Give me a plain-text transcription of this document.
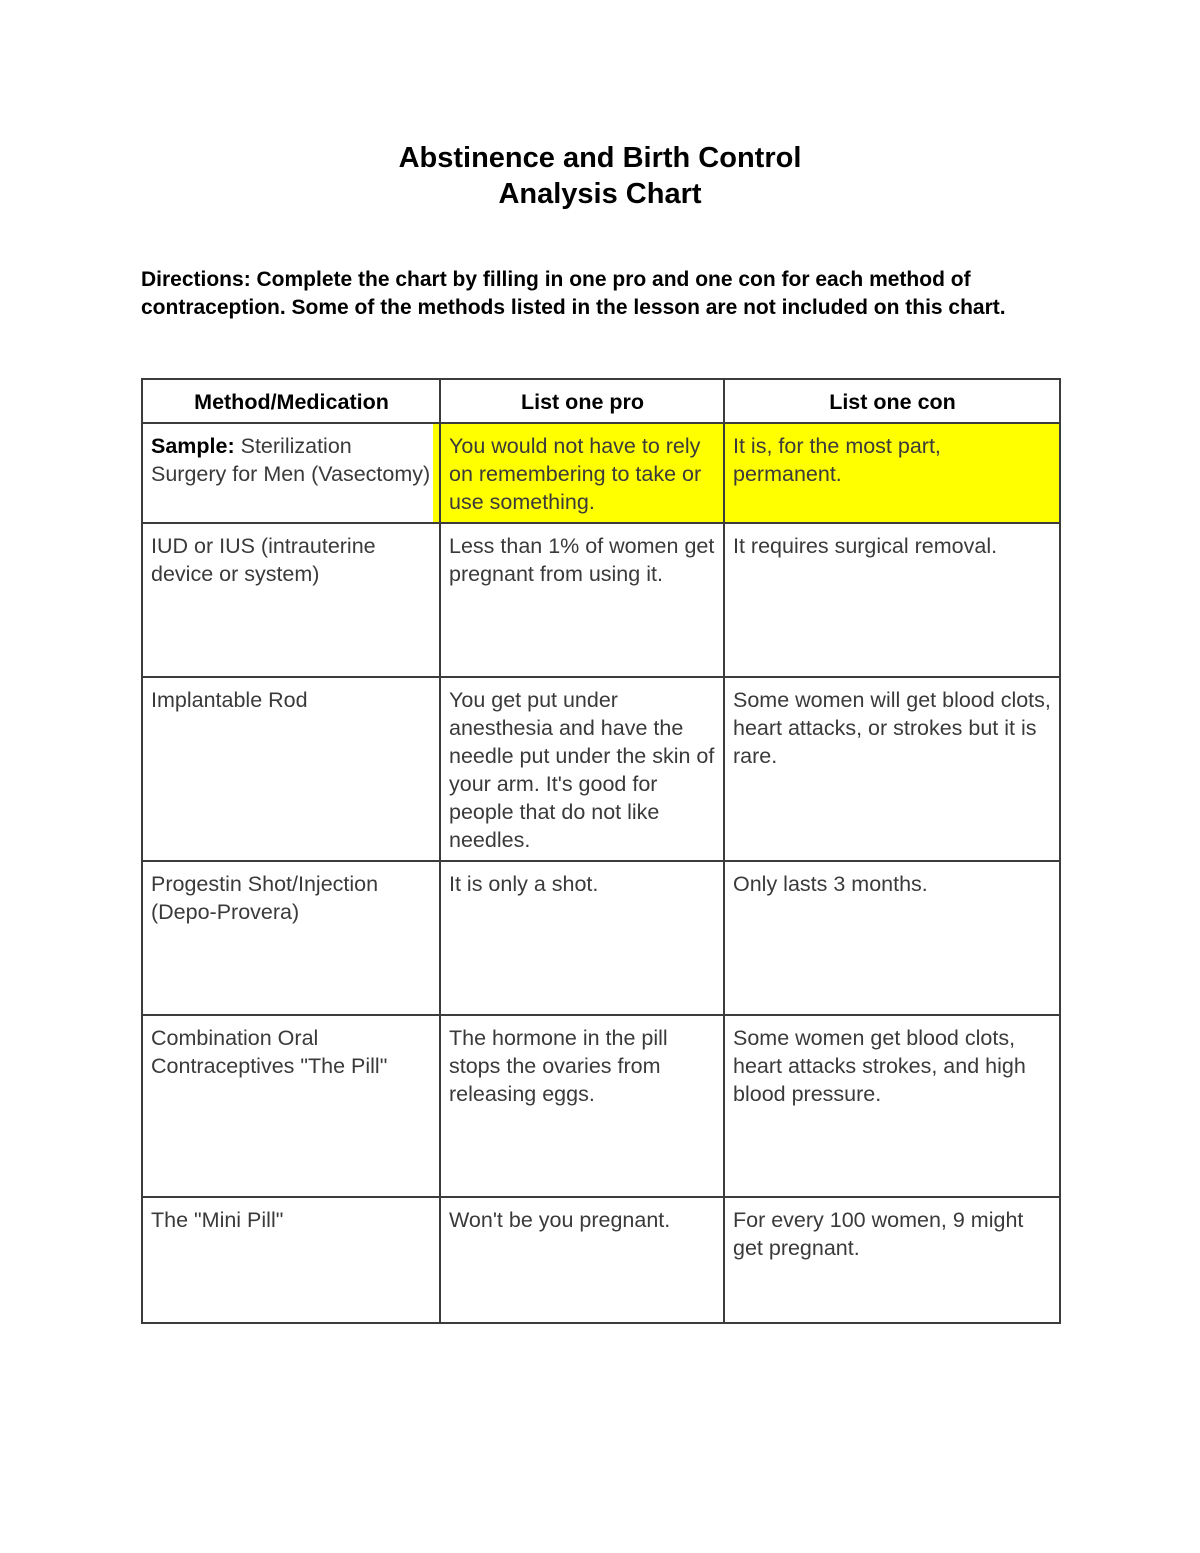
Abstinence and Birth Control
Analysis Chart
Directions: Complete the chart by filling in one pro and one con for each method of contraception. Some of the methods listed in the lesson are not included on this chart.
Method/Medication	List one pro	List one con
Sample: Sterilization Surgery for Men (Vasectomy)	You would not have to rely on remembering to take or use something.	It is, for the most part, permanent.
IUD or IUS (intrauterine device or system)	Less than 1% of women get pregnant from using it.	It requires surgical removal.
Implantable Rod	You get put under anesthesia and have the needle put under the skin of your arm. It's good for people that do not like needles.	Some women will get blood clots, heart attacks, or strokes but it is rare.
Progestin Shot/Injection (Depo-Provera)	It is only a shot.	Only lasts 3 months.
Combination Oral Contraceptives "The Pill"	The hormone in the pill stops the ovaries from releasing eggs.	Some women get blood clots, heart attacks strokes, and high blood pressure.
The "Mini Pill"	Won't be you pregnant.	For every 100 women, 9 might get pregnant.
